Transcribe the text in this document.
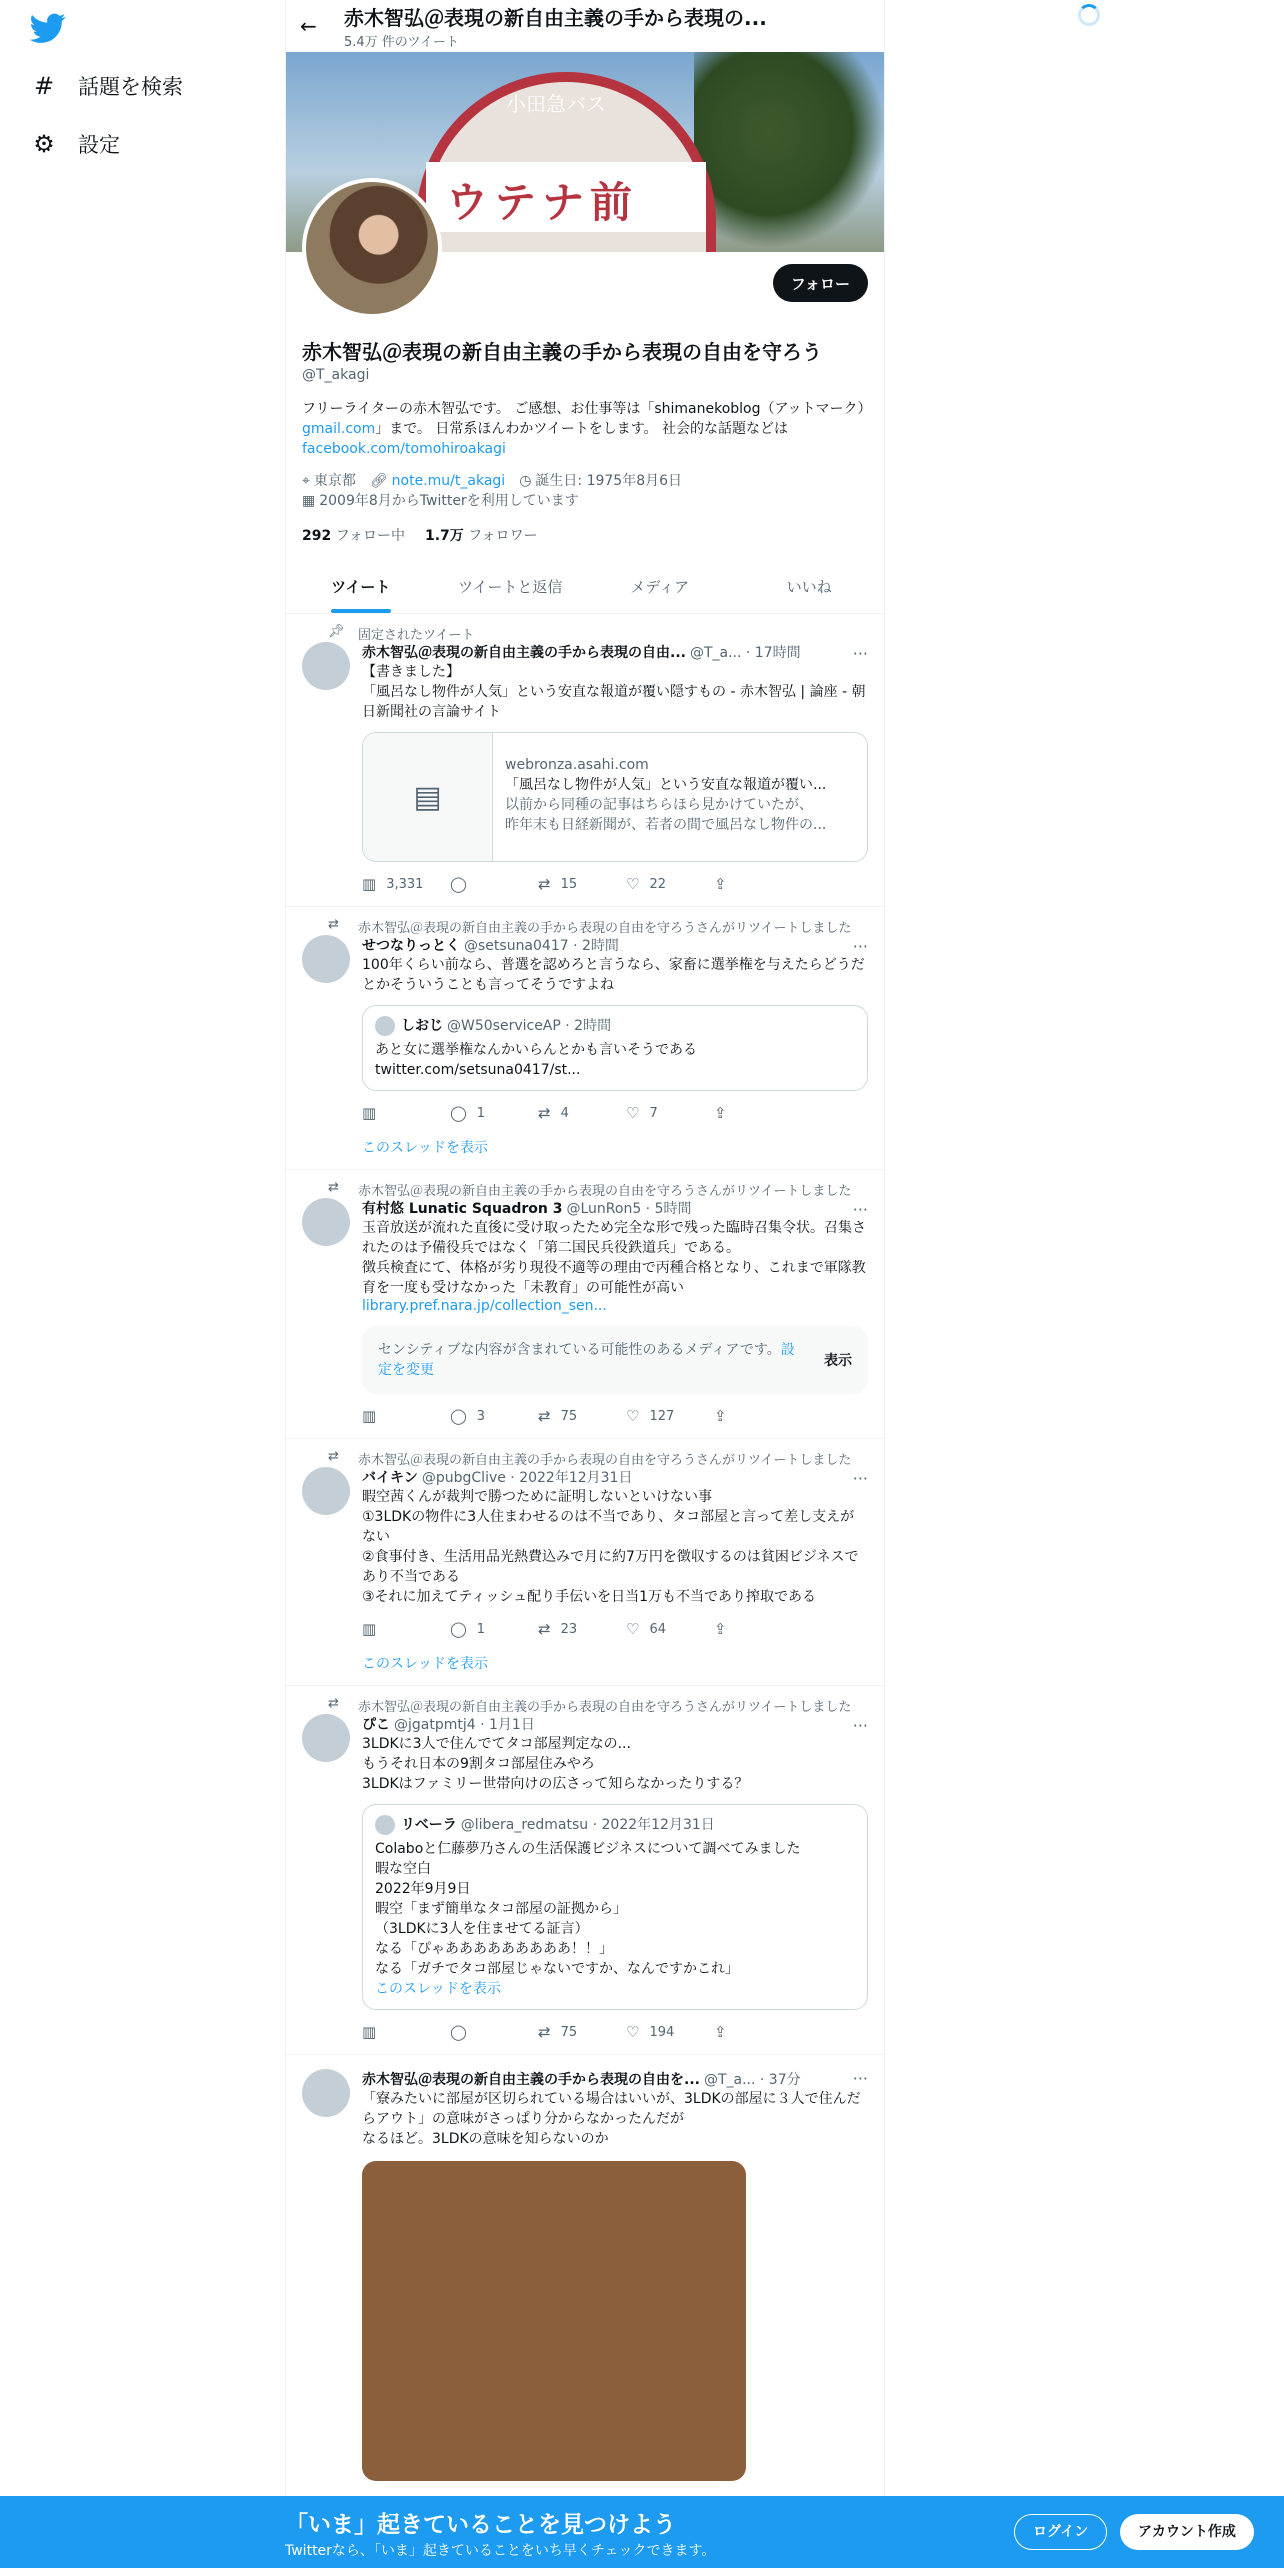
# 話題を検索
⚙ 設定
←	赤木智弘＠表現の新自由主義の手から表現の...
5.4万 件のツイート
小田急バス
ウテナ前
フォロー
赤木智弘＠表現の新自由主義の手から表現の自由を守ろう
@T_akagi
フリーライターの赤木智弘です。 ご感想、お仕事等は「shimanekoblog（アットマーク）gmail.com」まで。 日常系ほんわかツイートをします。 社会的な話題などは
facebook.com/tomohiroakagi
⌖ 東京都 🔗︎ note.mu/t_akagi ◷ 誕生日: 1975年8月6日
▦ 2009年8月からTwitterを利用しています
292 フォロー中 1.7万 フォロワー
ツイート	ツイートと返信	メディア	いいね
📌︎ 固定されたツイート
赤木智弘＠表現の新自由主義の手から表現の自由... @T_a... · 17時間	···
【書きました】
「風呂なし物件が人気」という安直な報道が覆い隠すもの - 赤木智弘 | 論座 - 朝日新聞社の言論サイト
▤
webronza.asahi.com
「風呂なし物件が人気」という安直な報道が覆い...
以前から同種の記事はちらほら見かけていたが、
昨年末も日経新聞が、若者の間で風呂なし物件の...
▥ 3,331 ◯	⇄ 15	♡ 22	⇪
⇄ 赤木智弘＠表現の新自由主義の手から表現の自由を守ろうさんがリツイートしました
せつなりっとく @setsuna0417 · 2時間	···
100年くらい前なら、普選を認めろと言うなら、家畜に選挙権を与えたらどうだとかそういうことも言ってそうですよね
しおじ @W50serviceAP · 2時間
あと女に選挙権なんかいらんとかも言いそうである
twitter.com/setsuna0417/st...
▥	◯ 1	⇄ 4	♡ 7	⇪
このスレッドを表示
⇄ 赤木智弘＠表現の新自由主義の手から表現の自由を守ろうさんがリツイートしました
有村悠 Lunatic Squadron 3 @LunRon5 · 5時間	···
玉音放送が流れた直後に受け取ったため完全な形で残った臨時召集令状。召集されたのは予備役兵ではなく「第二国民兵役鉄道兵」である。
徴兵検査にて、体格が劣り現役不適等の理由で丙種合格となり、これまで軍隊教育を一度も受けなかった「未教育」の可能性が高い
library.pref.nara.jp/collection_sen...
センシティブな内容が含まれている可能性のあるメディアです。設定を変更
表示
▥	◯ 3	⇄ 75	♡ 127	⇪
⇄ 赤木智弘＠表現の新自由主義の手から表現の自由を守ろうさんがリツイートしました
バイキン @pubgClive · 2022年12月31日	···
暇空茜くんが裁判で勝つために証明しないといけない事
①3LDKの物件に3人住まわせるのは不当であり、タコ部屋と言って差し支えがない
②食事付き、生活用品光熱費込みで月に約7万円を徴収するのは貧困ビジネスであり不当である
③それに加えてティッシュ配り手伝いを日当1万も不当であり搾取である
▥	◯ 1	⇄ 23	♡ 64	⇪
このスレッドを表示
⇄ 赤木智弘＠表現の新自由主義の手から表現の自由を守ろうさんがリツイートしました
ぴこ @jgatpmtj4 · 1月1日	···
3LDKに3人で住んでてタコ部屋判定なの...
もうそれ日本の9割タコ部屋住みやろ
3LDKはファミリー世帯向けの広さって知らなかったりする？
リベーラ @libera_redmatsu · 2022年12月31日
Colaboと仁藤夢乃さんの生活保護ビジネスについて調べてみました
暇な空白
2022年9月9日
暇空「まず簡単なタコ部屋の証拠から」
（3LDKに3人を住ませてる証言）
なる「ぴゃあああああああああ！！」
なる「ガチでタコ部屋じゃないですか、なんですかこれ」
このスレッドを表示
▥	◯	⇄ 75	♡ 194	⇪
赤木智弘＠表現の新自由主義の手から表現の自由を... @T_a... · 37分	···
「寮みたいに部屋が区切られている場合はいいが、3LDKの部屋に３人で住んだらアウト」の意味がさっぱり分からなかったんだが
なるほど。3LDKの意味を知らないのか
「いま」起きていることを見つけよう
Twitterなら、「いま」起きていることをいち早くチェックできます。
ログイン	アカウント作成
